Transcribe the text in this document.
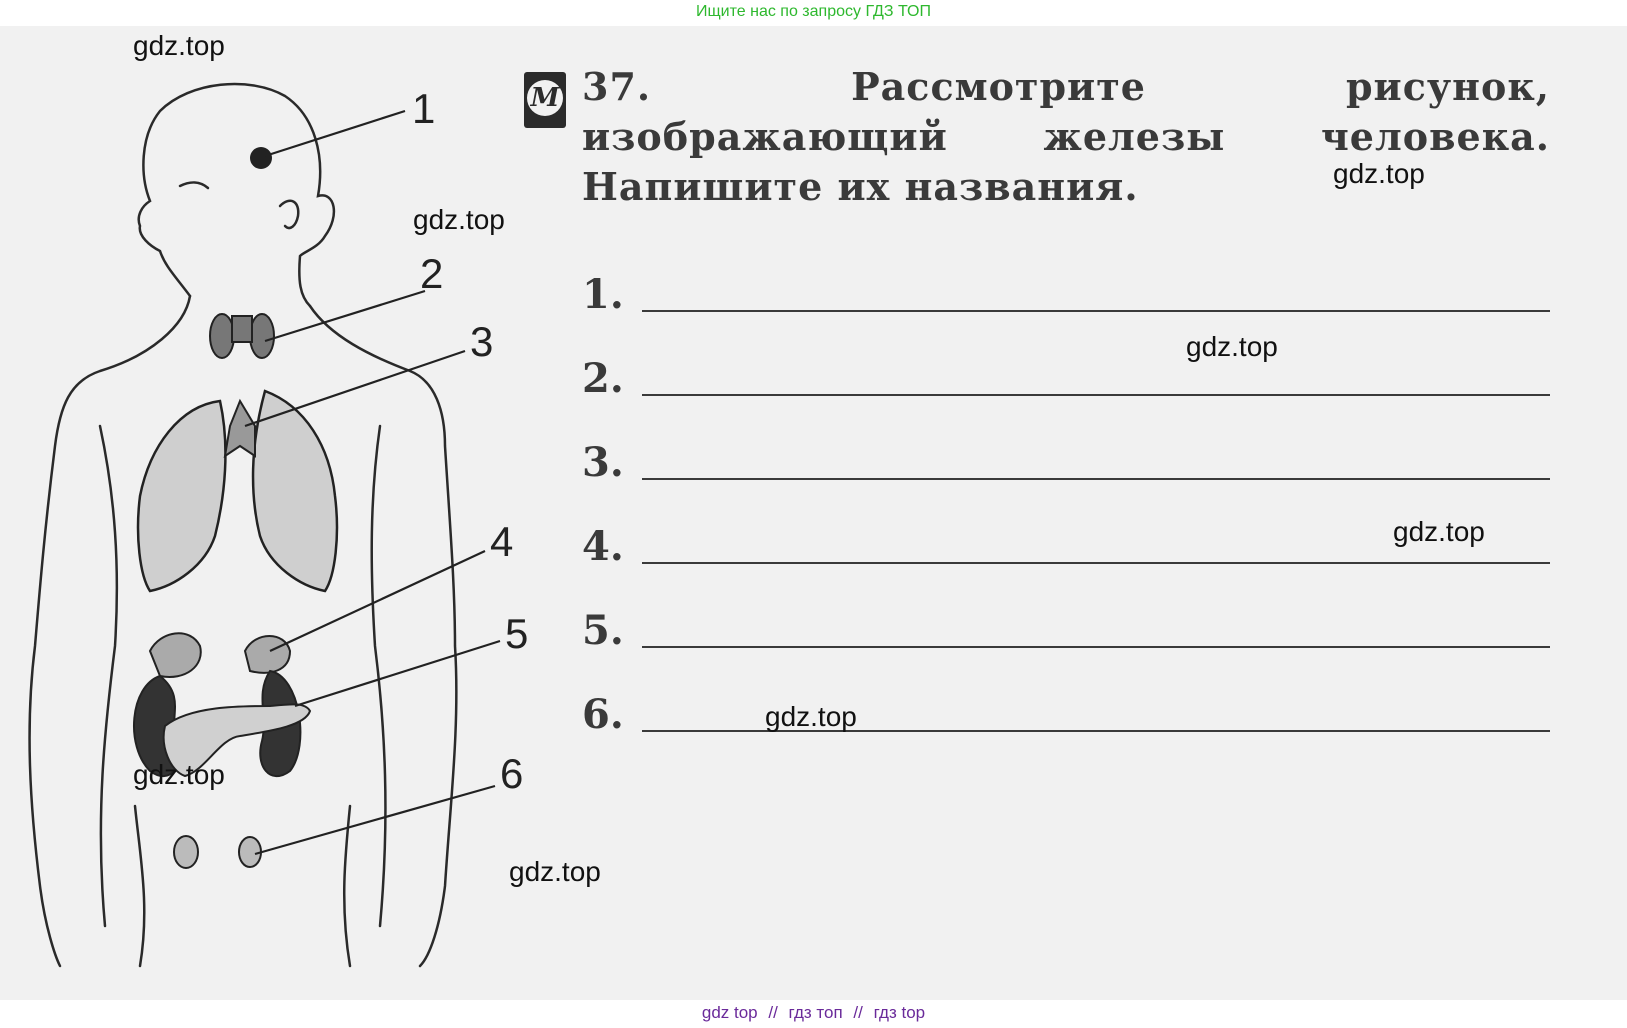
Ищите нас по запросу ГДЗ ТОП
1
2
3
4
5
6
M 37. Рассмотрите рисунок, изображающий железы человека. Напишите их названия.
1.
2.
3.
4.
5.
6.
gdz.top
gdz.top
gdz.top
gdz.top
gdz.top
gdz.top
gdz.top
gdz.top
gdz top // гдз топ // гдз top
